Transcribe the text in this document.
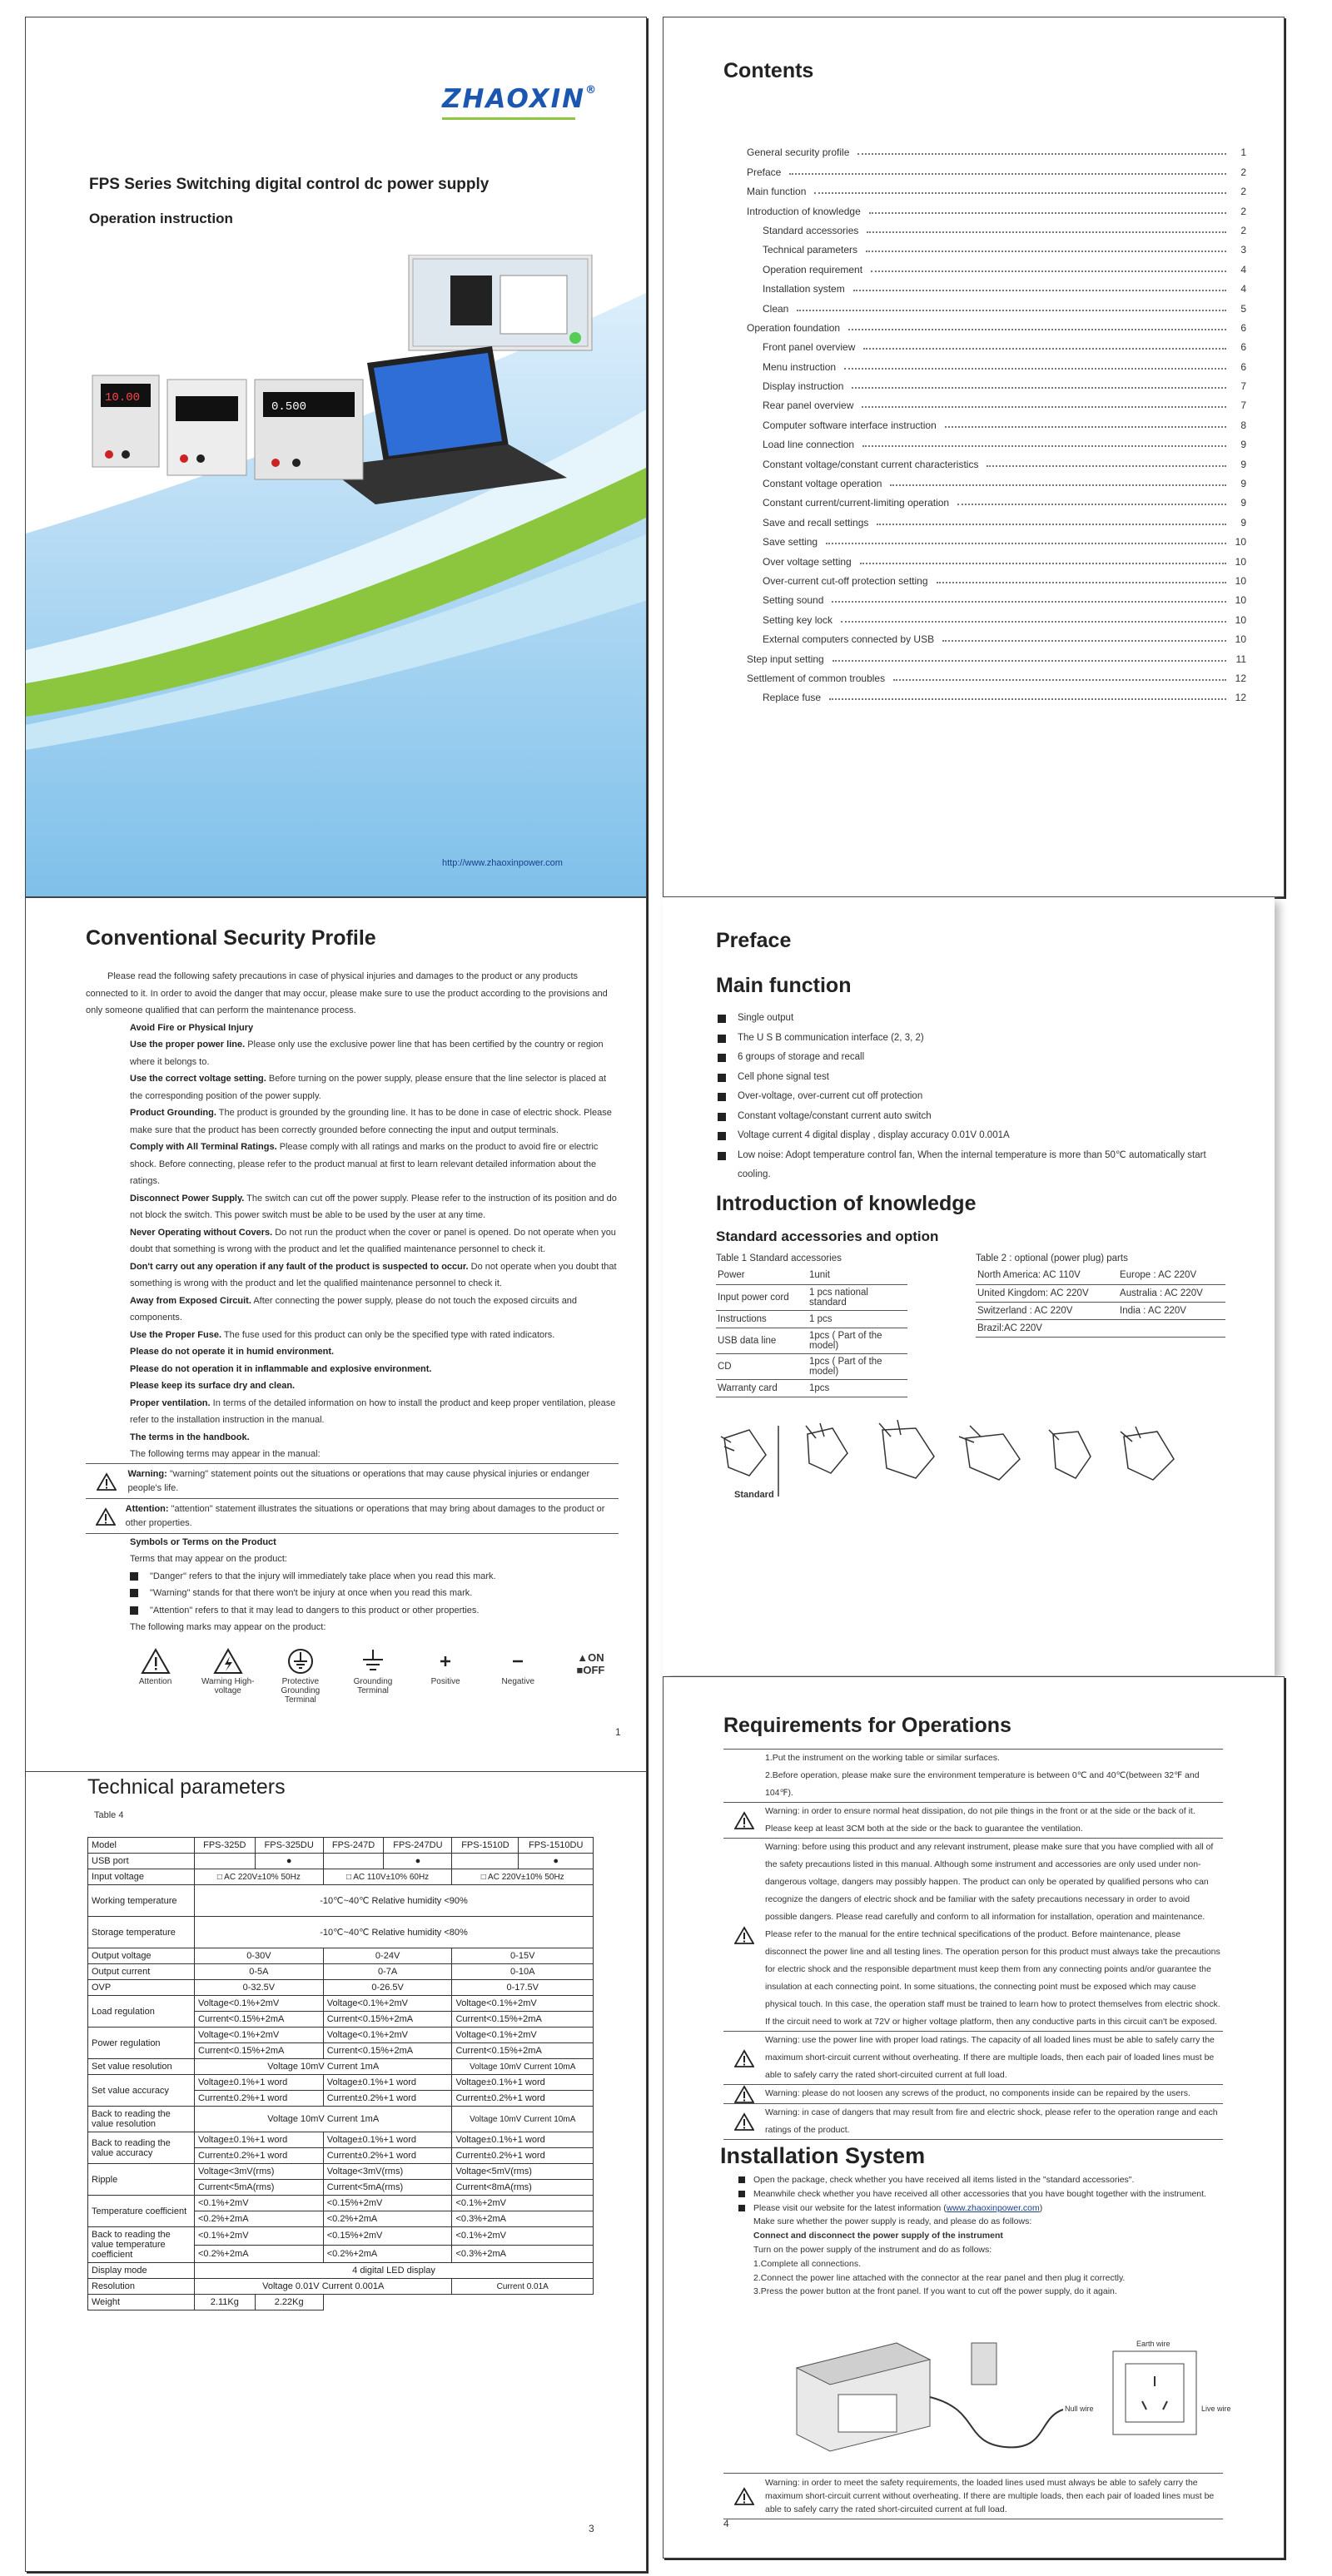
ZHAOXIN®
FPS Series Switching digital control dc power supply
Operation instruction
10.00
0.500
http://www.zhaoxinpower.com
Contents
General security profile	1
Preface	2
Main function	2
Introduction of knowledge	2
Standard accessories	2
Technical parameters	3
Operation requirement	4
Installation system	4
Clean	5
Operation foundation	6
Front panel overview	6
Menu instruction	6
Display instruction	7
Rear panel overview	7
Computer software interface instruction	8
Load line connection	9
Constant voltage/constant current characteristics	9
Constant voltage operation	9
Constant current/current-limiting operation	9
Save and recall settings	9
Save setting	10
Over voltage setting	10
Over-current cut-off protection setting	10
Setting sound	10
Setting key lock	10
External computers connected by USB	10
Step input setting	11
Settlement of common troubles	12
Replace fuse	12
Conventional Security Profile
Please read the following safety precautions in case of physical injuries and damages to the product or any products connected to it. In order to avoid the danger that may occur, please make sure to use the product according to the provisions and only someone qualified that can perform the maintenance process.
Avoid Fire or Physical Injury
Use the proper power line. Please only use the exclusive power line that has been certified by the country or region where it belongs to.
Use the correct voltage setting. Before turning on the power supply, please ensure that the line selector is placed at the corresponding position of the power supply.
Product Grounding. The product is grounded by the grounding line. It has to be done in case of electric shock. Please make sure that the product has been correctly grounded before connecting the input and output terminals.
Comply with All Terminal Ratings. Please comply with all ratings and marks on the product to avoid fire or electric shock. Before connecting, please refer to the product manual at first to learn relevant detailed information about the ratings.
Disconnect Power Supply. The switch can cut off the power supply. Please refer to the instruction of its position and do not block the switch. This power switch must be able to be used by the user at any time.
Never Operating without Covers. Do not run the product when the cover or panel is opened. Do not operate when you doubt that something is wrong with the product and let the qualified maintenance personnel to check it.
Don't carry out any operation if any fault of the product is suspected to occur. Do not operate when you doubt that something is wrong with the product and let the qualified maintenance personnel to check it.
Away from Exposed Circuit. After connecting the power supply, please do not touch the exposed circuits and components.
Use the Proper Fuse. The fuse used for this product can only be the specified type with rated indicators.
Please do not operate it in humid environment.
Please do not operation it in inflammable and explosive environment.
Please keep its surface dry and clean.
Proper ventilation. In terms of the detailed information on how to install the product and keep proper ventilation, please refer to the installation instruction in the manual.
The terms in the handbook.
The following terms may appear in the manual:
Warning: "warning" statement points out the situations or operations that may cause physical injuries or endanger people's life.
Attention: "attention" statement illustrates the situations or operations that may bring about damages to the product or other properties.
Symbols or Terms on the Product
Terms that may appear on the product:
"Danger" refers to that the injury will immediately take place when you read this mark.
"Warning" stands for that there won't be injury at once when you read this mark.
"Attention" refers to that it may lead to dangers to this product or other properties.
The following marks may appear on the product:
Attention	Warning High-voltage
Protective Grounding Terminal
Grounding Terminal
Positive	Negative
▲ON
■OFF
1
Preface
Main function
Single output
The U S B communication interface (2, 3, 2)
6 groups of storage and recall
Cell phone signal test
Over-voltage, over-current cut off protection
Constant voltage/constant current auto switch
Voltage current 4 digital display , display accuracy 0.01V 0.001A
Low noise: Adopt temperature control fan, When the internal temperature is more than 50℃ automatically start cooling.
Introduction of knowledge
Standard accessories and option
Table 1 Standard accessories
Power	1unit
Input power cord	1 pcs national standard
Instructions	1 pcs
USB data line	1pcs ( Part of the model)
CD	1pcs ( Part of the model)
Warranty card	1pcs
Table 2 : optional (power plug) parts
North America: AC 110V	Europe : AC 220V
United Kingdom: AC 220V	Australia : AC 220V
Switzerland : AC 220V	India : AC 220V
Brazil:AC 220V	
Standard
Technical parameters
Table 4
Model	FPS-325D	FPS-325DU	FPS-247D	FPS-247DU	FPS-1510D	FPS-1510DU
USB port		●		●		●
Input voltage	□ AC 220V±10% 50Hz		□ AC 110V±10% 60Hz		□ AC 220V±10% 50Hz	
Working temperature	-10℃~40℃ Relative humidity <90%					
Storage temperature	-10℃~40℃ Relative humidity <80%					
Output voltage	0-30V		0-24V		0-15V	
Output current	0-5A		0-7A		0-10A	
OVP	0-32.5V		0-26.5V		0-17.5V	
Load regulation	Voltage<0.1%+2mV		Voltage<0.1%+2mV		Voltage<0.1%+2mV	
	Current<0.15%+2mA		Current<0.15%+2mA		Current<0.15%+2mA	
Power regulation	Voltage<0.1%+2mV		Voltage<0.1%+2mV		Voltage<0.1%+2mV	
	Current<0.15%+2mA		Current<0.15%+2mA		Current<0.15%+2mA	
Set value resolution	Voltage 10mV Current 1mA				Voltage 10mV Current 10mA	
Set value accuracy	Voltage±0.1%+1 word		Voltage±0.1%+1 word		Voltage±0.1%+1 word	
	Current±0.2%+1 word		Current±0.2%+1 word		Current±0.2%+1 word	
Back to reading the value resolution	Voltage 10mV Current 1mA				Voltage 10mV Current 10mA	
Back to reading the value accuracy	Voltage±0.1%+1 word		Voltage±0.1%+1 word		Voltage±0.1%+1 word	
	Current±0.2%+1 word		Current±0.2%+1 word		Current±0.2%+1 word	
Ripple	Voltage<3mV(rms)		Voltage<3mV(rms)		Voltage<5mV(rms)	
	Current<5mA(rms)		Current<5mA(rms)		Current<8mA(rms)	
Temperature coefficient	<0.1%+2mV		<0.15%+2mV		<0.1%+2mV	
	<0.2%+2mA		<0.2%+2mA		<0.3%+2mA	
Back to reading the value temperature coefficient	<0.1%+2mV		<0.15%+2mV		<0.1%+2mV	
	<0.2%+2mA		<0.2%+2mA		<0.3%+2mA	
Display mode	4 digital LED display					
Resolution	Voltage 0.01V Current 0.001A				Current 0.01A	
Weight	2.11Kg	2.22Kg				
3
Requirements for Operations
1.Put the instrument on the working table or similar surfaces.
2.Before operation, please make sure the environment temperature is between 0℃ and 40℃(between 32℉ and 104℉).
Warning: in order to ensure normal heat dissipation, do not pile things in the front or at the side or the back of it. Please keep at least 3CM both at the side or the back to guarantee the ventilation.
Warning: before using this product and any relevant instrument, please make sure that you have complied with all of the safety precautions listed in this manual. Although some instrument and accessories are only used under non-dangerous voltage, dangers may possibly happen. The product can only be operated by qualified persons who can recognize the dangers of electric shock and be familiar with the safety precautions necessary in order to avoid possible dangers. Please read carefully and conform to all information for installation, operation and maintenance. Please refer to the manual for the entire technical specifications of the product. Before maintenance, please disconnect the power line and all testing lines. The operation person for this product must always take the precautions for electric shock and the responsible department must keep them from any connecting points and/or guarantee the insulation at each connecting point. In some situations, the connecting point must be exposed which may cause physical touch. In this case, the operation staff must be trained to learn how to protect themselves from electric shock. If the circuit need to work at 72V or higher voltage platform, then any conductive parts in this circuit can't be exposed.
Warning: use the power line with proper load ratings. The capacity of all loaded lines must be able to safely carry the maximum short-circuit current without overheating. If there are multiple loads, then each pair of loaded lines must be able to safely carry the rated short-circuited current at full load.
Warning: please do not loosen any screws of the product, no components inside can be repaired by the users.
Warning: in case of dangers that may result from fire and electric shock, please refer to the operation range and each ratings of the product.
Installation System
Open the package, check whether you have received all items listed in the "standard accessories".
Meanwhile check whether you have received all other accessories that you have bought together with the instrument.
Please visit our website for the latest information (www.zhaoxinpower.com)
Make sure whether the power supply is ready, and please do as follows:
Connect and disconnect the power supply of the instrument
Turn on the power supply of the instrument and do as follows:
1.Complete all connections.
2.Connect the power line attached with the connector at the rear panel and then plug it correctly.
3.Press the power button at the front panel. If you want to cut off the power supply, do it again.
Earth wire
Null wire	Live wire
Warning: in order to meet the safety requirements, the loaded lines used must always be able to safely carry the maximum short-circuit current without overheating. If there are multiple loads, then each pair of loaded lines must be able to safely carry the rated short-circuited current at full load.
4
